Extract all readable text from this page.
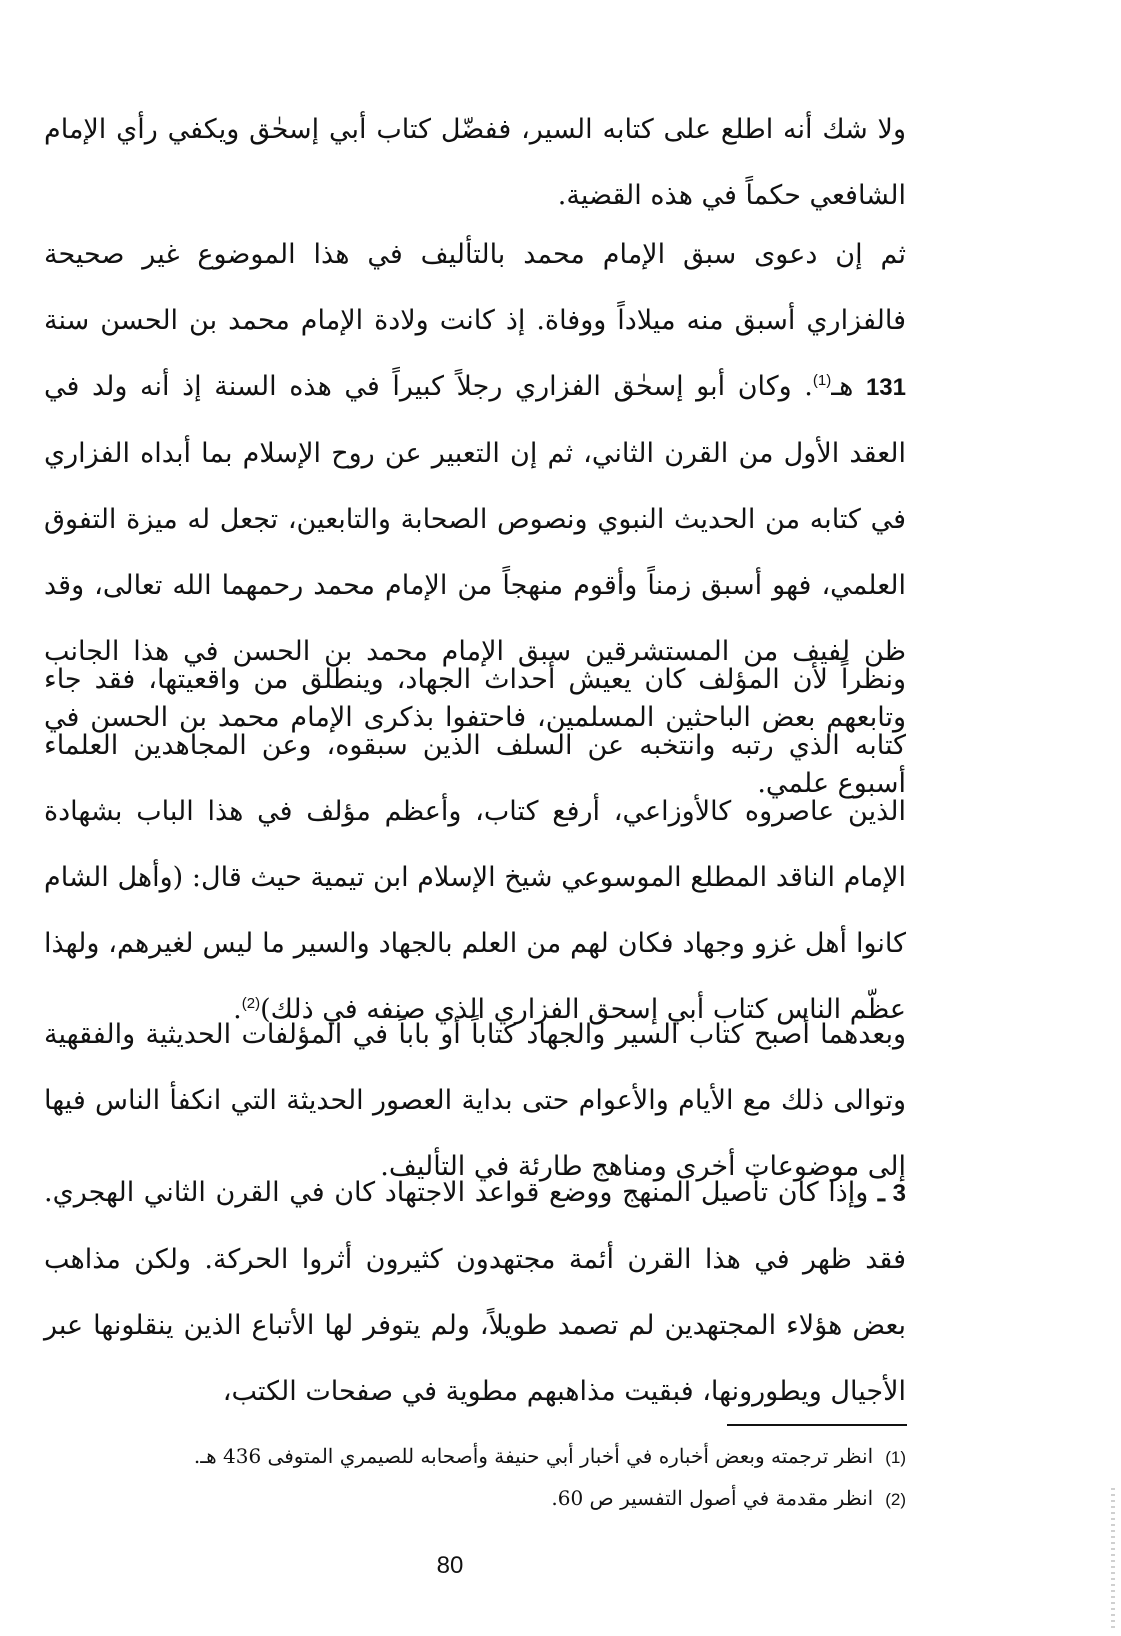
ولا شك أنه اطلع على كتابه السير، ففضّل كتاب أبي إسحٰق ويكفي رأي الإمام الشافعي حكماً في هذه القضية.

ثم إن دعوى سبق الإمام محمد بالتأليف في هذا الموضوع غير صحيحة فالفزاري أسبق منه ميلاداً ووفاة. إذ كانت ولادة الإمام محمد بن الحسن سنة 131 هـ$^{(1)}$. وكان أبو إسحٰق الفزاري رجلاً كبيراً في هذه السنة إذ أنه ولد في العقد الأول من القرن الثاني، ثم إن التعبير عن روح الإسلام بما أبداه الفزاري في كتابه من الحديث النبوي ونصوص الصحابة والتابعين، تجعل له ميزة التفوق العلمي، فهو أسبق زمناً وأقوم منهجاً من الإمام محمد رحمهما الله تعالى، وقد ظن لفيف من المستشرقين سبق الإمام محمد بن الحسن في هذا الجانب وتابعهم بعض الباحثين المسلمين، فاحتفوا بذكرى الإمام محمد بن الحسن في أسبوع علمي.

ونظراً لأن المؤلف كان يعيش أحداث الجهاد، وينطلق من واقعيتها، فقد جاء كتابه الذي رتبه وانتخبه عن السلف الذين سبقوه، وعن المجاهدين العلماء الذين عاصروه كالأوزاعي، أرفع كتاب، وأعظم مؤلف في هذا الباب بشهادة الإمام الناقد المطلع الموسوعي شيخ الإسلام ابن تيمية حيث قال: (وأهل الشام كانوا أهل غزو وجهاد فكان لهم من العلم بالجهاد والسير ما ليس لغيرهم، ولهذا عظّم الناس كتاب أبي إسحق الفزاري الذي صنفه في ذلك)$^{(2)}$.

وبعدهما أصبح كتاب السير والجهاد كتاباً أو باباً في المؤلفات الحديثية والفقهية وتوالى ذلك مع الأيام والأعوام حتى بداية العصور الحديثة التي انكفأ الناس فيها إلى موضوعات أخرى ومناهج طارئة في التأليف.

3 ـ وإذا كان تأصيل المنهج ووضع قواعد الاجتهاد كان في القرن الثاني الهجري. فقد ظهر في هذا القرن أئمة مجتهدون كثيرون أثروا الحركة. ولكن مذاهب بعض هؤلاء المجتهدين لم تصمد طويلاً، ولم يتوفر لها الأتباع الذين ينقلونها عبر الأجيال ويطورونها، فبقيت مذاهبهم مطوية في صفحات الكتب،

(1)انظر ترجمته وبعض أخباره في أخبار أبي حنيفة وأصحابه للصيمري المتوفى 436 هـ.
(2)انظر مقدمة في أصول التفسير ص 60.
80
